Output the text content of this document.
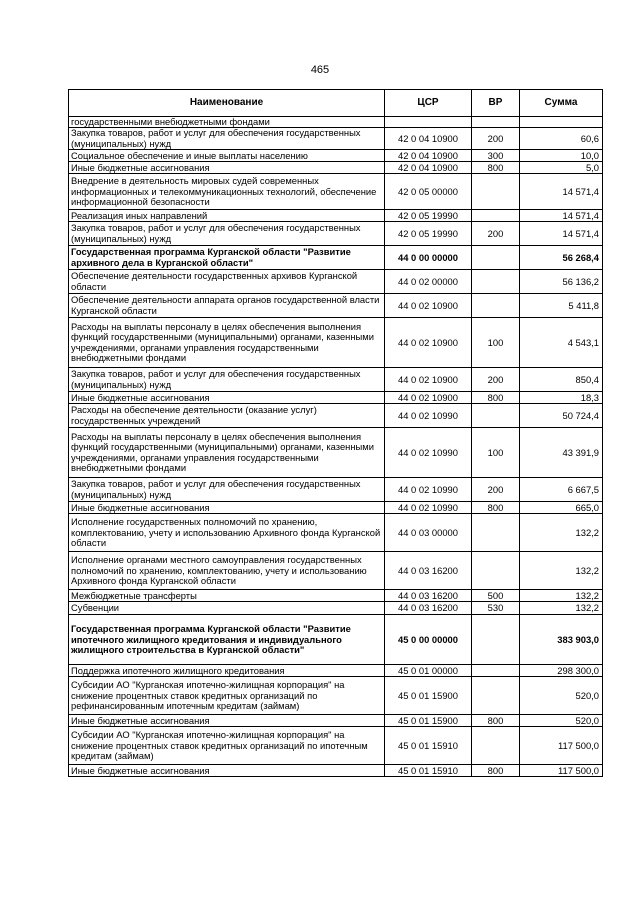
465
Наименование	ЦСР	ВР	Сумма
государственными внебюджетными фондами			
Закупка товаров, работ и услуг для обеспечения государственных (муниципальных) нужд	42 0 04 10900	200	60,6
Социальное обеспечение и иные выплаты населению	42 0 04 10900	300	10,0
Иные бюджетные ассигнования	42 0 04 10900	800	5,0
Внедрение в деятельность мировых судей современных информационных и телекоммуникационных технологий, обеспечение информационной безопасности	42 0 05 00000		14 571,4
Реализация иных направлений	42 0 05 19990		14 571,4
Закупка товаров, работ и услуг для обеспечения государственных (муниципальных) нужд	42 0 05 19990	200	14 571,4
Государственная программа Курганской области "Развитие архивного дела в Курганской области"	44 0 00 00000		56 268,4
Обеспечение деятельности государственных архивов Курганской области	44 0 02 00000		56 136,2
Обеспечение деятельности аппарата органов государственной власти Курганской области	44 0 02 10900		5 411,8
Расходы на выплаты персоналу в целях обеспечения выполнения функций государственными (муниципальными) органами, казенными учреждениями, органами управления государственными внебюджетными фондами	44 0 02 10900	100	4 543,1
Закупка товаров, работ и услуг для обеспечения государственных (муниципальных) нужд	44 0 02 10900	200	850,4
Иные бюджетные ассигнования	44 0 02 10900	800	18,3
Расходы на обеспечение деятельности (оказание услуг) государственных учреждений	44 0 02 10990		50 724,4
Расходы на выплаты персоналу в целях обеспечения выполнения функций государственными (муниципальными) органами, казенными учреждениями, органами управления государственными внебюджетными фондами	44 0 02 10990	100	43 391,9
Закупка товаров, работ и услуг для обеспечения государственных (муниципальных) нужд	44 0 02 10990	200	6 667,5
Иные бюджетные ассигнования	44 0 02 10990	800	665,0
Исполнение государственных полномочий по хранению, комплектованию, учету и использованию Архивного фонда Курганской области	44 0 03 00000		132,2
Исполнение органами местного самоуправления государственных полномочий по хранению, комплектованию, учету и использованию Архивного фонда Курганской области	44 0 03 16200		132,2
Межбюджетные трансферты	44 0 03 16200	500	132,2
Субвенции	44 0 03 16200	530	132,2
Государственная программа Курганской области "Развитие ипотечного жилищного кредитования и индивидуального жилищного строительства в Курганской области"	45 0 00 00000		383 903,0
Поддержка ипотечного жилищного кредитования	45 0 01 00000		298 300,0
Субсидии АО "Курганская ипотечно-жилищная корпорация" на снижение процентных ставок кредитных организаций по рефинансированным ипотечным кредитам (займам)	45 0 01 15900		520,0
Иные бюджетные ассигнования	45 0 01 15900	800	520,0
Субсидии АО "Курганская ипотечно-жилищная корпорация" на снижение процентных ставок кредитных организаций по ипотечным кредитам (займам)	45 0 01 15910		117 500,0
Иные бюджетные ассигнования	45 0 01 15910	800	117 500,0
